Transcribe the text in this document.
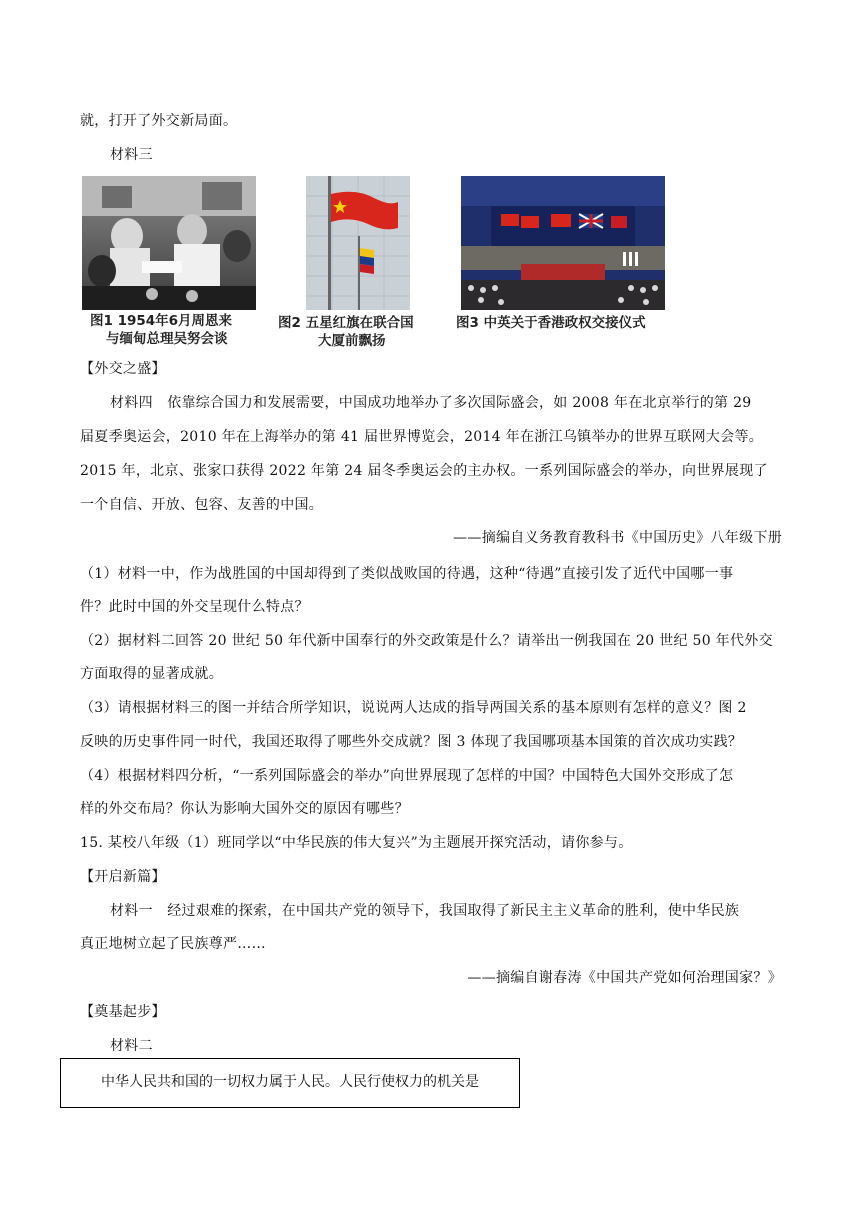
就，打开了外交新局面。
材料三
图1 1954年6月周恩来
与缅甸总理吴努会谈
图2 五星红旗在联合国
大厦前飘扬
图3 中英关于香港政权交接仪式
【外交之盛】
材料四　依靠综合国力和发展需要，中国成功地举办了多次国际盛会，如 2008 年在北京举行的第 29
届夏季奥运会，2010 年在上海举办的第 41 届世界博览会，2014 年在浙江乌镇举办的世界互联网大会等。
2015 年，北京、张家口获得 2022 年第 24 届冬季奥运会的主办权。一系列国际盛会的举办，向世界展现了
一个自信、开放、包容、友善的中国。
——摘编自义务教育教科书《中国历史》八年级下册
（1）材料一中，作为战胜国的中国却得到了类似战败国的待遇，这种“待遇”直接引发了近代中国哪一事
件？此时中国的外交呈现什么特点？
（2）据材料二回答 20 世纪 50 年代新中国奉行的外交政策是什么？请举出一例我国在 20 世纪 50 年代外交
方面取得的显著成就。
（3）请根据材料三的图一并结合所学知识，说说两人达成的指导两国关系的基本原则有怎样的意义？图 2
反映的历史事件同一时代，我国还取得了哪些外交成就？图 3 体现了我国哪项基本国策的首次成功实践？
（4）根据材料四分析，“一系列国际盛会的举办”向世界展现了怎样的中国？中国特色大国外交形成了怎
样的外交布局？你认为影响大国外交的原因有哪些？
15. 某校八年级（1）班同学以“中华民族的伟大复兴”为主题展开探究活动，请你参与。
【开启新篇】
材料一　经过艰难的探索，在中国共产党的领导下，我国取得了新民主主义革命的胜利，使中华民族
真正地树立起了民族尊严……
——摘编自谢春涛《中国共产党如何治理国家？》
【奠基起步】
材料二
中华人民共和国的一切权力属于人民。人民行使权力的机关是
